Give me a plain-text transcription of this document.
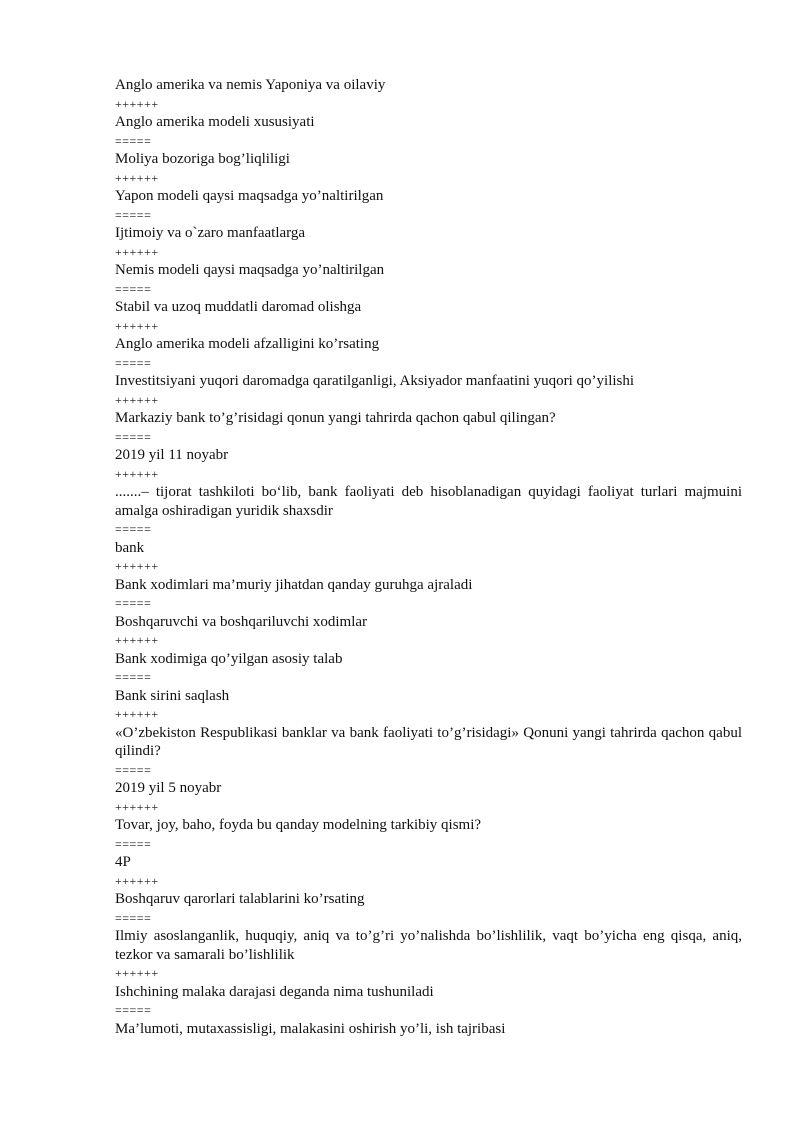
Anglo amerika va nemis Yaponiya va oilaviy

++++++

Anglo amerika modeli xususiyati

=====

Moliya bozoriga bog’liqliligi

++++++

Yapon modeli qaysi maqsadga yo’naltirilgan

=====

Ijtimoiy va o`zaro manfaatlarga

++++++

Nemis modeli qaysi maqsadga yo’naltirilgan

=====

Stabil va uzoq muddatli daromad olishga

++++++

Anglo amerika modeli afzalligini ko’rsating

=====

Investitsiyani yuqori daromadga qaratilganligi, Aksiyador manfaatini yuqori qo’yilishi

++++++

Markaziy bank to’g’risidagi qonun yangi tahrirda qachon qabul qilingan?

=====

2019 yil 11 noyabr

++++++

.......– tijorat tashkiloti bo‘lib, bank faoliyati deb hisoblanadigan quyidagi faoliyat turlari majmuini amalga oshiradigan yuridik shaxsdir

=====

bank

++++++

Bank xodimlari ma’muriy jihatdan qanday guruhga ajraladi

=====

Boshqaruvchi va boshqariluvchi xodimlar

++++++

Bank xodimiga qo’yilgan asosiy talab

=====

Bank sirini saqlash

++++++

«O’zbekiston Respublikasi banklar va bank faoliyati to’g’risidagi» Qonuni yangi tahrirda qachon qabul qilindi?

=====

2019 yil 5 noyabr

++++++

Tovar, joy, baho, foyda bu qanday modelning tarkibiy qismi?

=====

4P

++++++

Boshqaruv qarorlari talablarini ko’rsating

=====

Ilmiy asoslanganlik, huquqiy, aniq va to’g’ri yo’nalishda bo’lishlilik, vaqt bo’yicha eng qisqa, aniq, tezkor va samarali bo’lishlilik

++++++

Ishchining malaka darajasi deganda nima tushuniladi

=====

Ma’lumoti, mutaxassisligi, malakasini oshirish yo’li, ish tajribasi
